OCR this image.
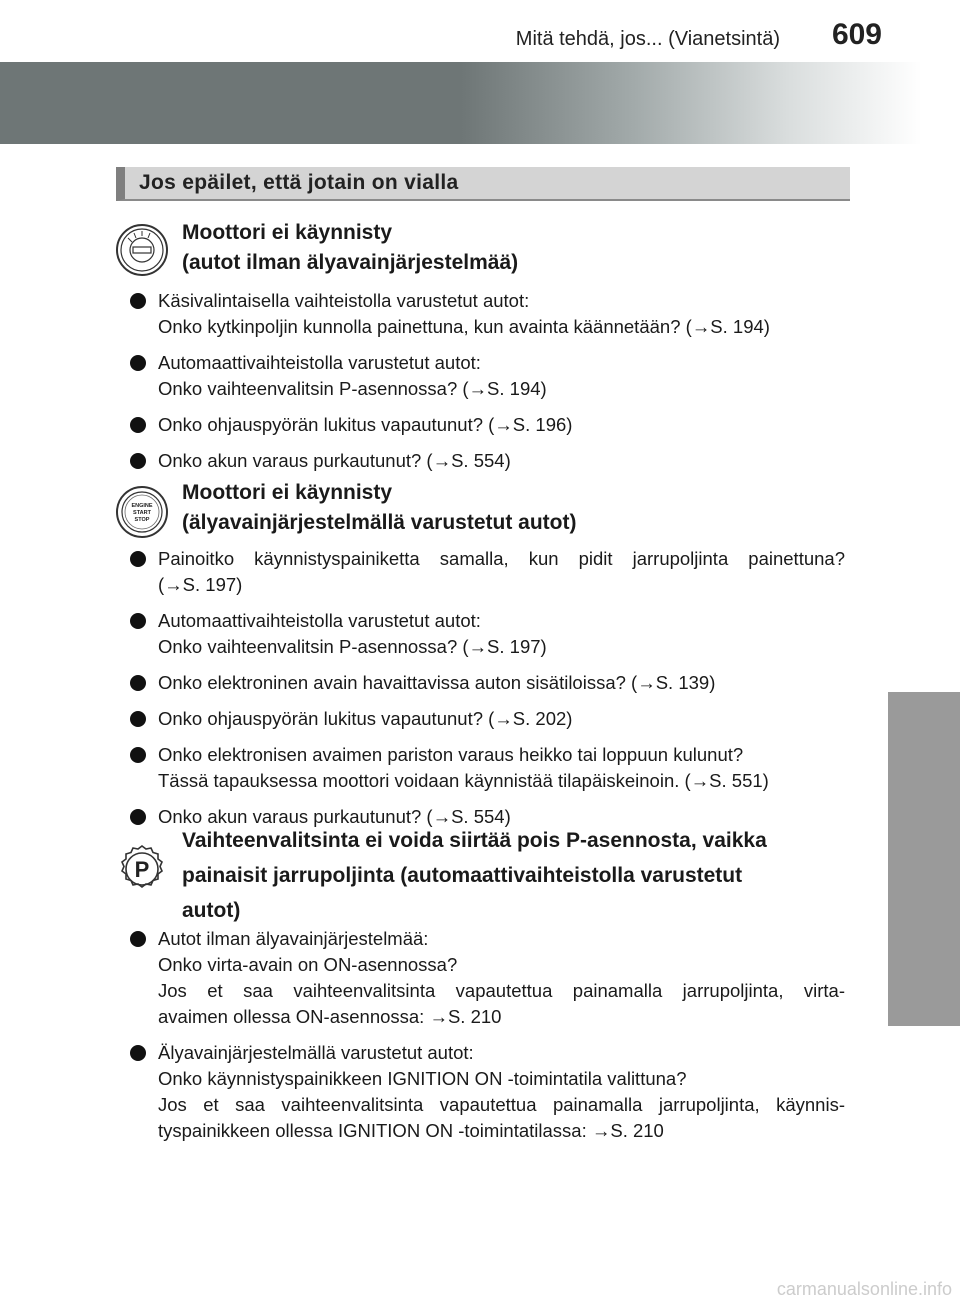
Mitä tehdä, jos... (Vianetsintä) 609
Jos epäilet, että jotain on vialla
Moottori ei käynnisty
(autot ilman älyavainjärjestelmää)
Käsivalintaisella vaihteistolla varustetut autot:
Onko kytkinpoljin kunnolla painettuna, kun avainta käännetään? (→S. 194)
Automaattivaihteistolla varustetut autot:
Onko vaihteenvalitsin P-asennossa? (→S. 194)
Onko ohjauspyörän lukitus vapautunut? (→S. 196)
Onko akun varaus purkautunut? (→S. 554)
ENGINE
START
STOP
Moottori ei käynnisty
(älyavainjärjestelmällä varustetut autot)
Painoitko käynnistyspainiketta samalla, kun pidit jarrupoljinta painettuna?
(→S. 197)
Automaattivaihteistolla varustetut autot:
Onko vaihteenvalitsin P-asennossa? (→S. 197)
Onko elektroninen avain havaittavissa auton sisätiloissa? (→S. 139)
Onko ohjauspyörän lukitus vapautunut? (→S. 202)
Onko elektronisen avaimen pariston varaus heikko tai loppuun kulunut?
Tässä tapauksessa moottori voidaan käynnistää tilapäiskeinoin. (→S. 551)
Onko akun varaus purkautunut? (→S. 554)
P
Vaihteenvalitsinta ei voida siirtää pois P-asennosta, vaikka
painaisit jarrupoljinta (automaattivaihteistolla varustetut
autot)
Autot ilman älyavainjärjestelmää:
Onko virta-avain on ON-asennossa?
Jos et saa vaihteenvalitsinta vapautettua painamalla jarrupoljinta, virta-
avaimen ollessa ON-asennossa: →S. 210
Älyavainjärjestelmällä varustetut autot:
Onko käynnistyspainikkeen IGNITION ON -toimintatila valittuna?
Jos et saa vaihteenvalitsinta vapautettua painamalla jarrupoljinta, käynnis-
tyspainikkeen ollessa IGNITION ON -toimintatilassa: →S. 210
carmanualsonline.info
